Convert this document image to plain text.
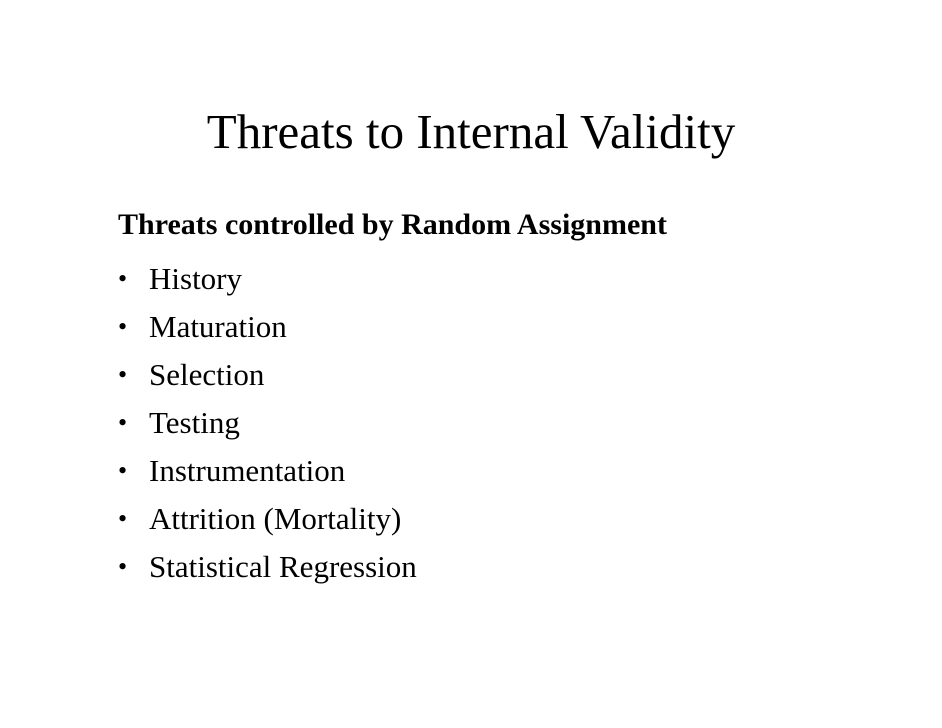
Threats to Internal Validity
Threats controlled by Random Assignment
• History
• Maturation
• Selection
• Testing
• Instrumentation
• Attrition (Mortality)
• Statistical Regression
